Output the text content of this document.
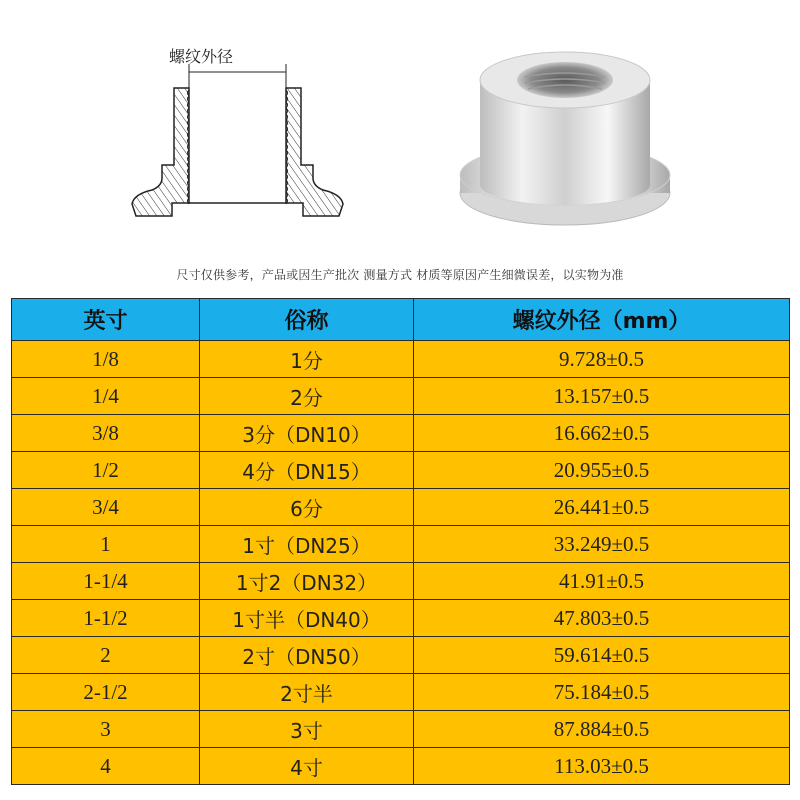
螺纹外径
尺寸仅供参考，产品或因生产批次 测量方式 材质等原因产生细微误差，以实物为准
英寸	俗称	螺纹外径（mm）
1/8	1分	9.728±0.5
1/4	2分	13.157±0.5
3/8	3分（DN10）	16.662±0.5
1/2	4分（DN15）	20.955±0.5
3/4	6分	26.441±0.5
1	1寸（DN25）	33.249±0.5
1-1/4	1寸2（DN32）	41.91±0.5
1-1/2	1寸半（DN40）	47.803±0.5
2	2寸（DN50）	59.614±0.5
2-1/2	2寸半	75.184±0.5
3	3寸	87.884±0.5
4	4寸	113.03±0.5
